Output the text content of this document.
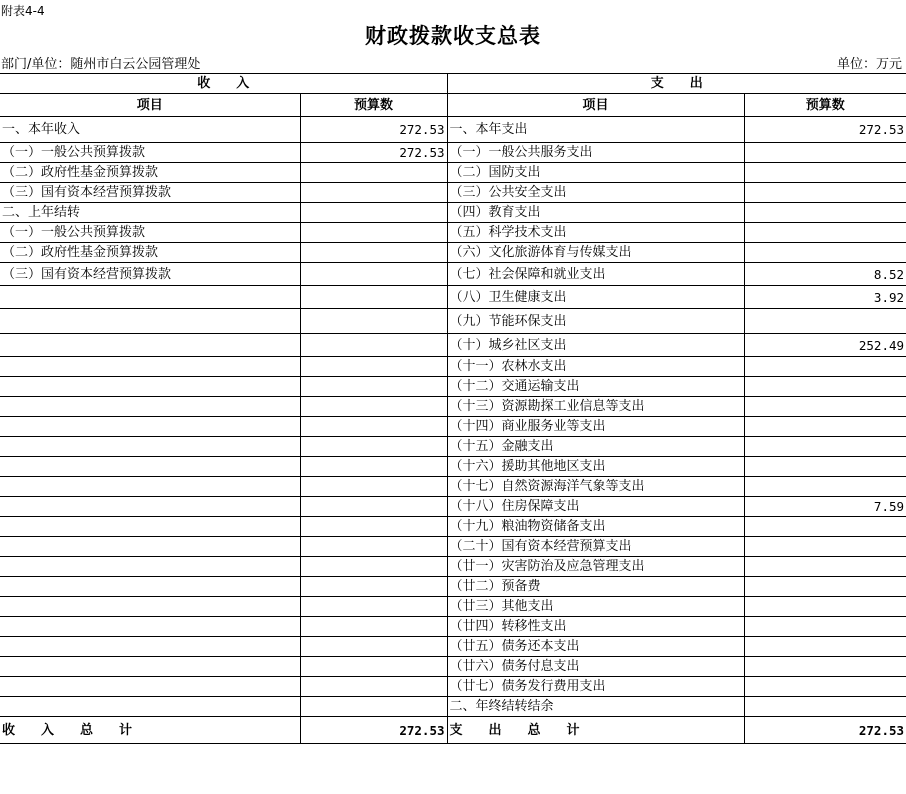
附表4-4
财政拨款收支总表
部门/单位：随州市白云公园管理处	单位：万元
收　　入		支　　出	
项目	预算数	项目	预算数
一、本年收入	272.53	一、本年支出	272.53
（一）一般公共预算拨款	272.53	（一）一般公共服务支出	
（二）政府性基金预算拨款		（二）国防支出	
（三）国有资本经营预算拨款		（三）公共安全支出	
二、上年结转		（四）教育支出	
（一）一般公共预算拨款		（五）科学技术支出	
（二）政府性基金预算拨款		（六）文化旅游体育与传媒支出	
（三）国有资本经营预算拨款		（七）社会保障和就业支出	8.52
		（八）卫生健康支出	3.92
		（九）节能环保支出	
		（十）城乡社区支出	252.49
		（十一）农林水支出	
		（十二）交通运输支出	
		（十三）资源勘探工业信息等支出	
		（十四）商业服务业等支出	
		（十五）金融支出	
		（十六）援助其他地区支出	
		（十七）自然资源海洋气象等支出	
		（十八）住房保障支出	7.59
		（十九）粮油物资储备支出	
		（二十）国有资本经营预算支出	
		（廿一）灾害防治及应急管理支出	
		（廿二）预备费	
		（廿三）其他支出	
		（廿四）转移性支出	
		（廿五）债务还本支出	
		（廿六）债务付息支出	
		（廿七）债务发行费用支出	
		二、年终结转结余	
收　　入　　总　　计	272.53	支　　出　　总　　计	272.53
